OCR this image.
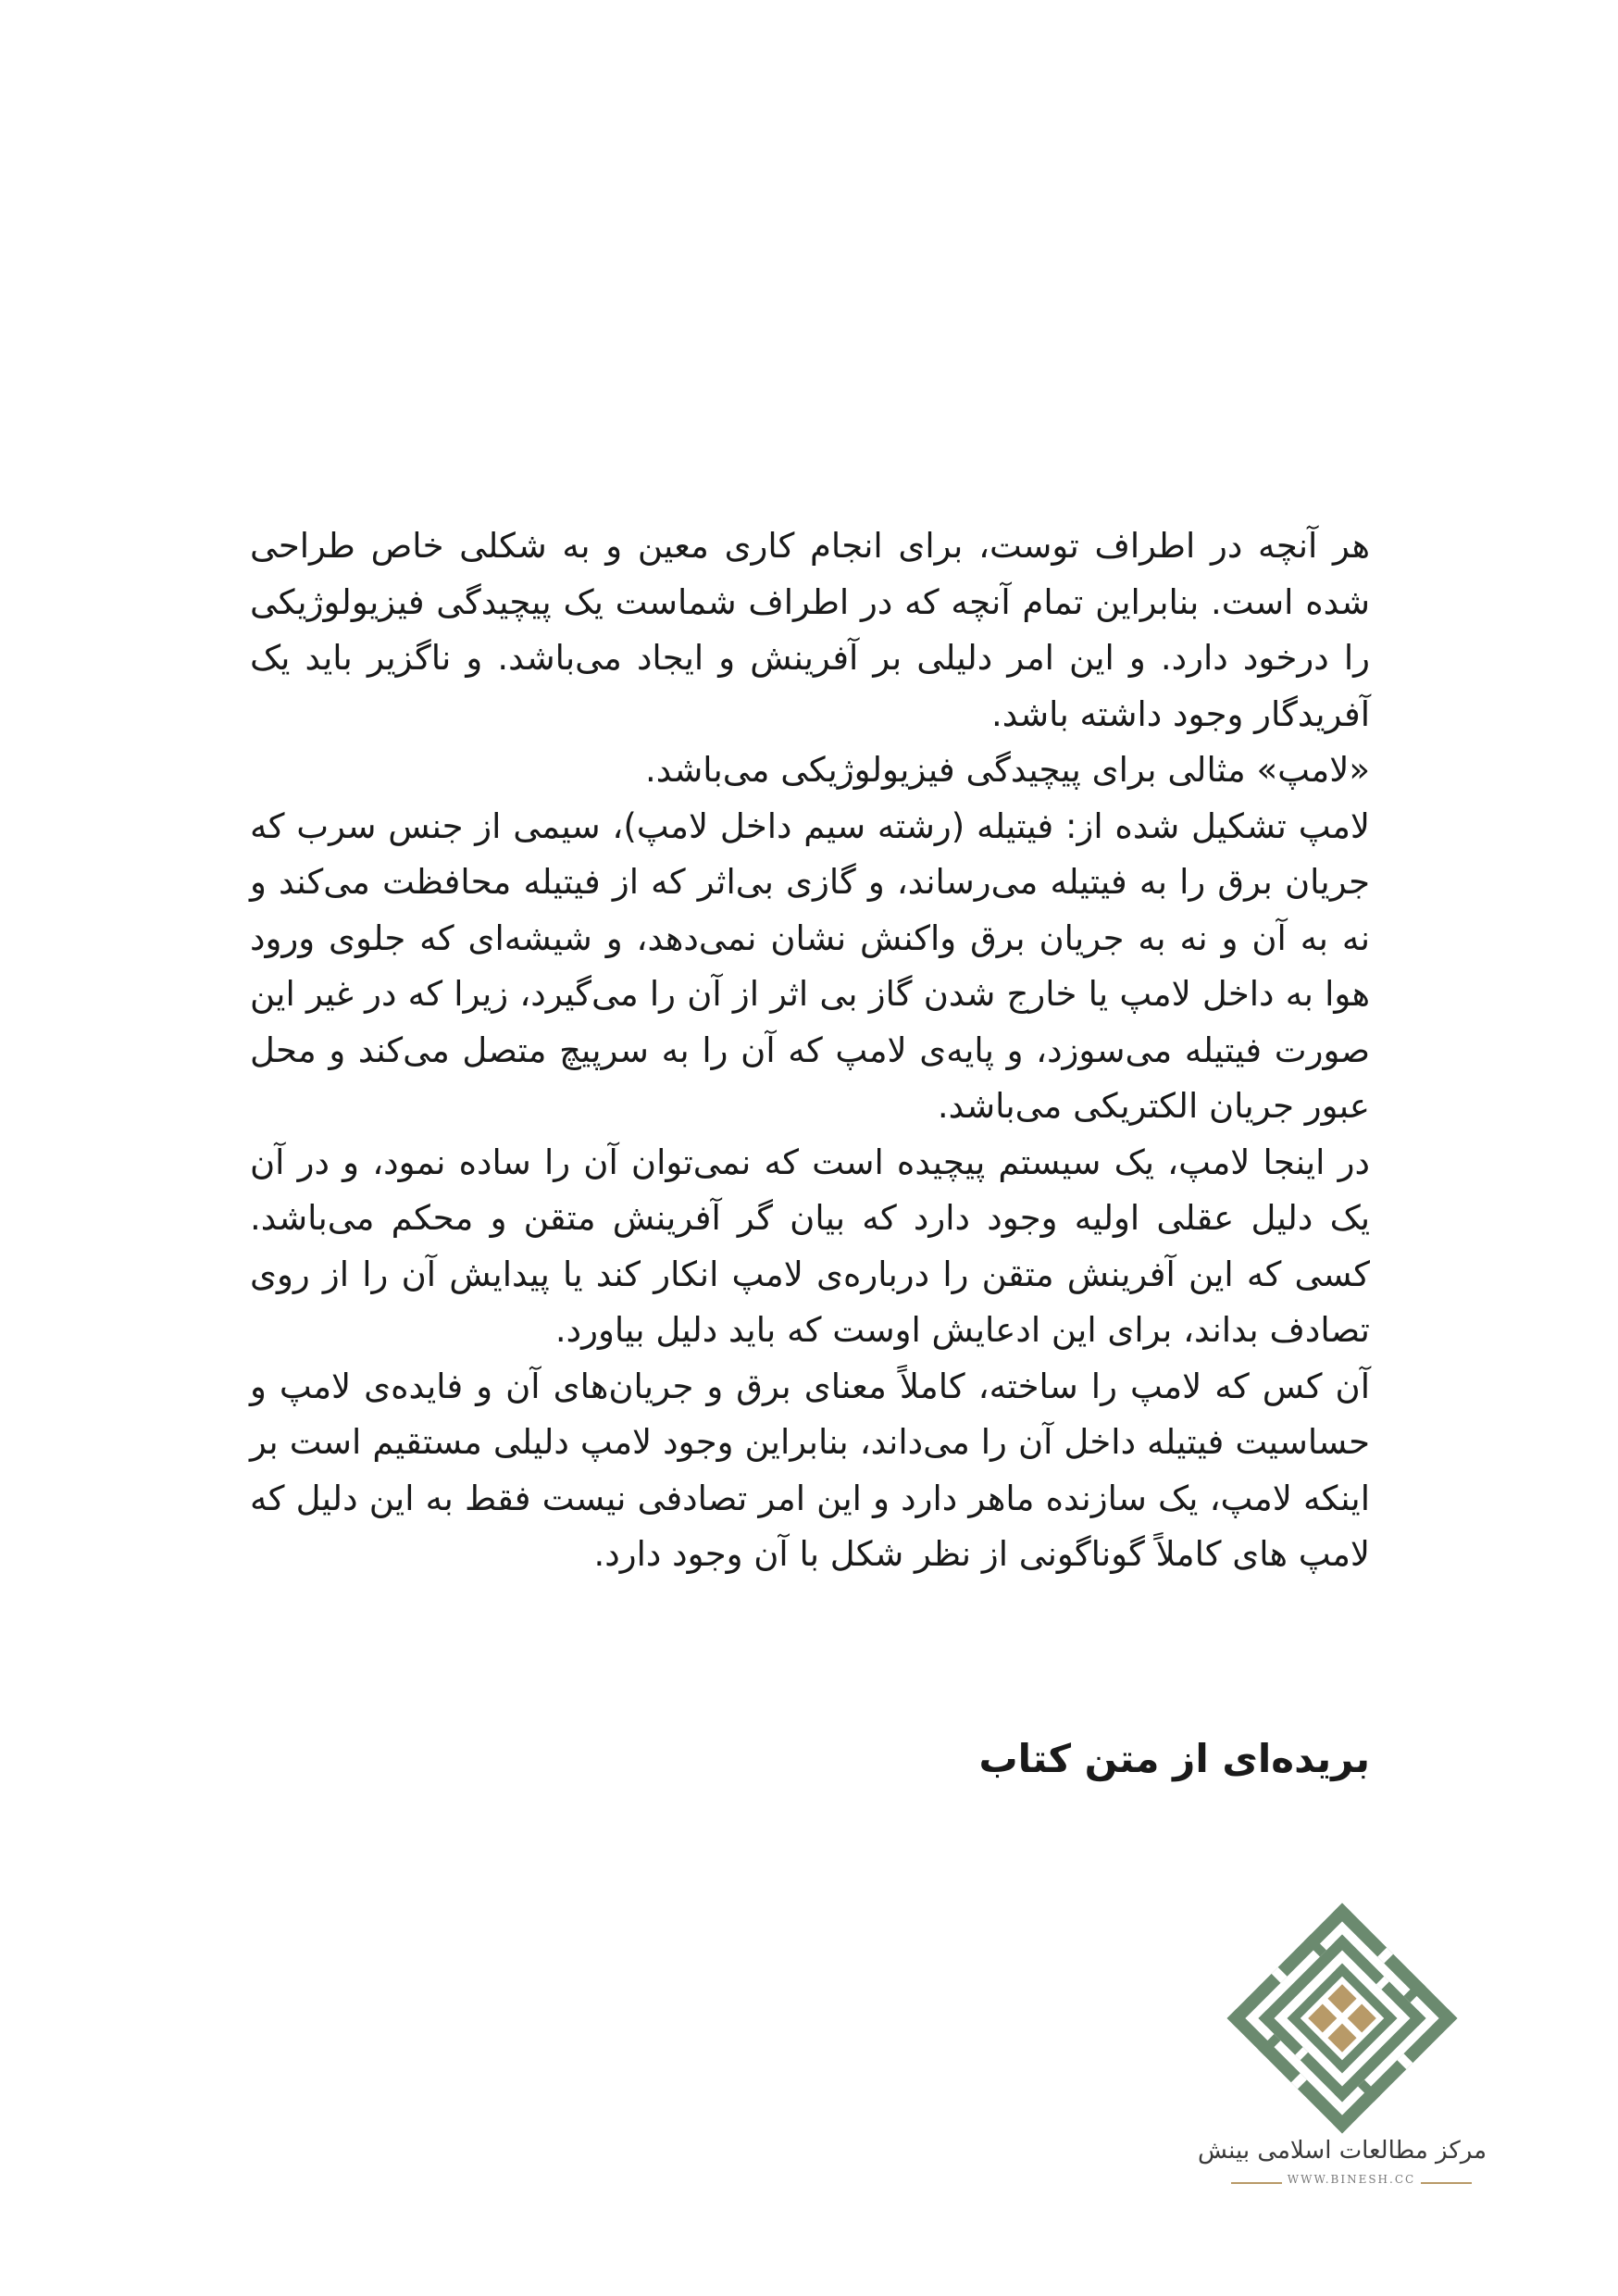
هر آنچه در اطراف توست، برای انجام کاری معین و به شکلی خاص طراحی شده است. بنابراین تمام آنچه که در اطراف شماست یک پیچیدگی فیزیولوژیکی را درخود دارد. و این امر دلیلی بر آفرینش و ایجاد می‌باشد. و ناگزیر باید یک آفریدگار وجود داشته باشد.

«لامپ» مثالی برای پیچیدگی فیزیولوژیکی می‌باشد.

لامپ تشکیل شده از: فیتیله (رشته سیم داخل لامپ)، سیمی از جنس سرب که جریان برق را به فیتیله می‌رساند، و گازی بی‌اثر که از فیتیله محافظت می‌کند و نه به آن و نه به جریان برق واکنش نشان نمی‌دهد، و شیشه‌ای که جلوی ورود هوا به داخل لامپ یا خارج شدن گاز بی اثر از آن را می‌گیرد، زیرا که در غیر این صورت فیتیله می‌سوزد، و پایه‌ی لامپ که آن را به سرپیچ متصل می‌کند و محل عبور جریان الکتریکی می‌باشد.

در اینجا لامپ، یک سیستم پیچیده است که نمی‌توان آن را ساده نمود، و در آن یک دلیل عقلی اولیه وجود دارد که بیان گر آفرینش متقن و محکم می‌باشد. کسی که این آفرینش متقن را درباره‌ی لامپ انکار کند یا پیدایش آن را از روی تصادف بداند، برای این ادعایش اوست که باید دلیل بیاورد.

آن کس که لامپ را ساخته، کاملاً معنای برق و جریان‌های آن و فایده‌ی لامپ و حساسیت فیتیله داخل آن را می‌داند، بنابراین وجود لامپ دلیلی مستقیم است بر اینکه لامپ، یک سازنده ماهر دارد و این امر تصادفی نیست فقط به این دلیل که لامپ های کاملاً گوناگونی از نظر شکل با آن وجود دارد.

بریده‌ای از متن کتاب
مرکز مطالعات اسلامی بینش
WWW.BINESH.CC
